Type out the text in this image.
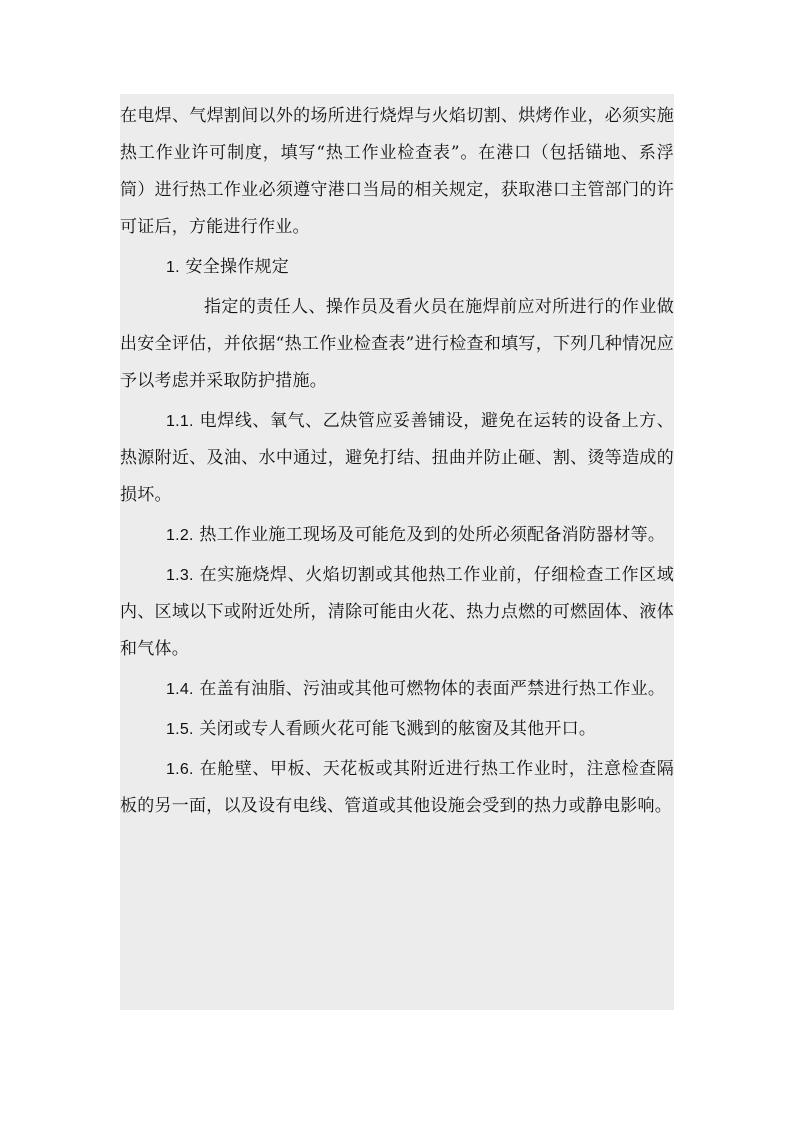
在电焊、气焊割间以外的场所进行烧焊与火焰切割、烘烤作业，必须实施热工作业许可制度，填写“热工作业检查表”。在港口（包括锚地、系浮筒）进行热工作业必须遵守港口当局的相关规定，获取港口主管部门的许可证后，方能进行作业。

1. 安全操作规定

指定的责任人、操作员及看火员在施焊前应对所进行的作业做出安全评估，并依据“热工作业检查表”进行检查和填写，下列几种情况应予以考虑并采取防护措施。

1.1. 电焊线、氧气、乙炔管应妥善铺设，避免在运转的设备上方、热源附近、及油、水中通过，避免打结、扭曲并防止砸、割、烫等造成的损坏。

1.2. 热工作业施工现场及可能危及到的处所必须配备消防器材等。

1.3. 在实施烧焊、火焰切割或其他热工作业前，仔细检查工作区域内、区域以下或附近处所，清除可能由火花、热力点燃的可燃固体、液体和气体。

1.4. 在盖有油脂、污油或其他可燃物体的表面严禁进行热工作业。

1.5. 关闭或专人看顾火花可能飞溅到的舷窗及其他开口。

1.6. 在舱壁、甲板、天花板或其附近进行热工作业时，注意检查隔板的另一面，以及设有电线、管道或其他设施会受到的热力或静电影响。
